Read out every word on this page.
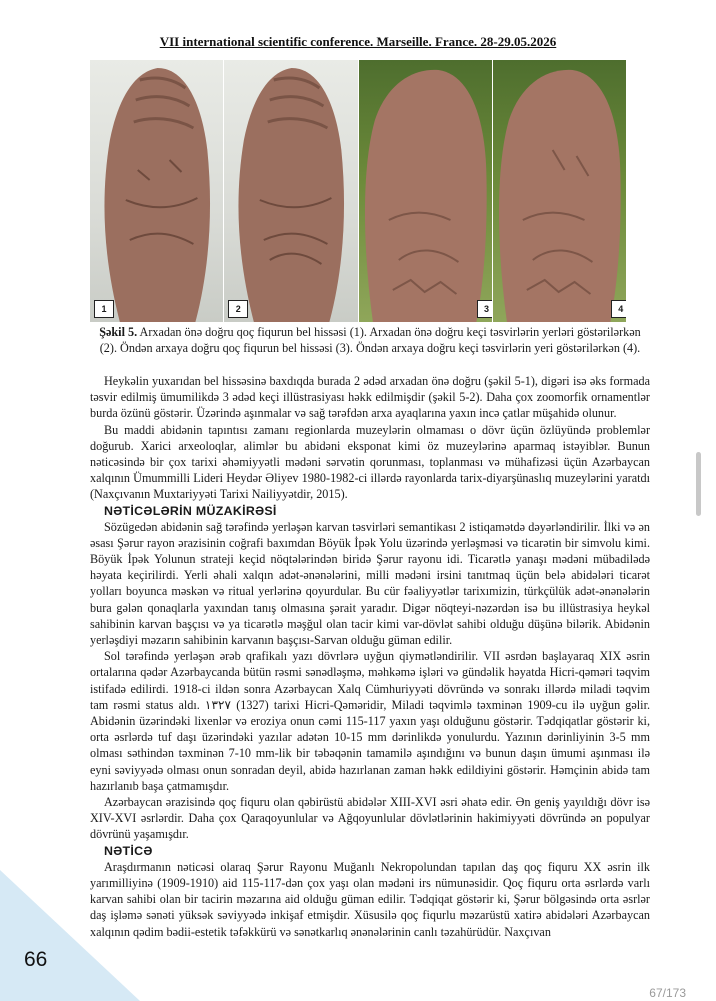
VII international scientific conference. Marseille. France. 28-29.05.2026
1	2	3	4
Şəkil 5. Arxadan önə doğru qoç fiqurun bel hissəsi (1). Arxadan önə doğru keçi təsvirlərin yerləri göstərilərkən (2). Öndən arxaya doğru qoç fiqurun bel hissəsi (3). Öndən arxaya doğru keçi təsvirlərin yeri göstərilərkən (4).

Heykəlin yuxarıdan bel hissəsinə baxdıqda burada 2 ədəd arxadan önə doğru (şəkil 5-1), digəri isə əks formada təsvir edilmiş ümumilikdə 3 ədəd keçi illüstrasiyası həkk edilmişdir (şəkil 5-2). Daha çox zoomorfik ornamentlər burda özünü göstərir. Üzərində aşınmalar və sağ tərəfdən arxa ayaqlarına yaxın incə çatlar müşahidə olunur.

Bu maddi abidənin tapıntısı zamanı regionlarda muzeylərin olmaması o dövr üçün özlüyündə problemlər doğurub. Xarici arxeoloqlar, alimlər bu abidəni eksponat kimi öz muzeylərinə aparmaq istəyiblər. Bunun nəticəsində bir çox tarixi əhəmiyyətli mədəni sərvətin qorunması, toplanması və mühafizəsi üçün Azərbaycan xalqının Ümummilli Lideri Heydər Əliyev 1980-1982-ci illərdə rayonlarda tarix-diyarşünaslıq muzeylərini yaratdı (Naxçıvanın Muxtariyyəti Tarixi Nailiyyətdir, 2015).

NƏTİCƏLƏRİN MÜZAKİRƏSİ

Sözügedən abidənin sağ tərəfində yerləşən karvan təsvirləri semantikası 2 istiqamətdə dəyərləndirilir. İlki və ən əsası Şərur rayon ərazisinin coğrafi baxımdan Böyük İpək Yolu üzərində yerləşməsi və ticarətin bir simvolu kimi. Böyük İpək Yolunun strateji keçid nöqtələrindən biridə Şərur rayonu idi. Ticarətlə yanaşı mədəni mübadilədə həyata keçirilirdi. Yerli əhali xalqın adət-ənənələrini, milli mədəni irsini tanıtmaq üçün belə abidələri ticarət yolları boyunca məskən və ritual yerlərinə qoyurdular. Bu cür fəaliyyətlər tarixımizin, türkçülük adət-ənənələrin bura gələn qonaqlarla yaxından tanış olmasına şərait yaradır. Digər nöqteyi-nəzərdən isə bu illüstrasiya heykəl sahibinin karvan başçısı və ya ticarətlə məşğul olan tacir kimi var-dövlət sahibi olduğu düşünə bilərik. Abidənin yerləşdiyi məzarın sahibinin karvanın başçısı-Sarvan olduğu güman edilir.

Sol tərəfində yerləşən ərəb qrafikalı yazı dövrlərə uyğun qiymətləndirilir. VII əsrdən başlayaraq XIX əsrin ortalarına qədər Azərbaycanda bütün rəsmi sənədləşmə, məhkəmə işləri və gündəlik həyatda Hicri-qəməri təqvim istifadə edilirdi. 1918-ci ildən sonra Azərbaycan Xalq Cümhuriyyəti dövründə və sonrakı illərdə miladi təqvim tam rəsmi status aldı. ١٣٢٧ (1327) tarixi Hicri-Qəməridir, Miladi təqvimlə təxminən 1909-cu ilə uyğun gəlir. Abidənin üzərindəki lixenlər və eroziya onun cəmi 115-117 yaxın yaşı olduğunu göstərir. Tədqiqatlar göstərir ki, orta əsrlərdə tuf daşı üzərindəki yazılar adətən 10-15 mm dərinlikdə yonulurdu. Yazının dərinliyinin 3-5 mm olması səthindən təxminən 7-10 mm-lik bir təbəqənin tamamilə aşındığını və bunun daşın ümumi aşınması ilə eyni səviyyədə olması onun sonradan deyil, abidə hazırlanan zaman həkk edildiyini göstərir. Həmçinin abidə tam hazırlanıb başa çatmamışdır.

Azərbaycan ərazisində qoç fiquru olan qəbirüstü abidələr XIII-XVI əsri əhatə edir. Ən geniş yayıldığı dövr isə XIV-XVI əsrlərdir. Daha çox Qaraqoyunlular və Ağqoyunlular dövlətlərinin hakimiyyəti dövründə ən populyar dövrünü yaşamışdır.

NƏTİCƏ

Araşdırmanın nəticəsi olaraq Şərur Rayonu Muğanlı Nekropolundan tapılan daş qoç fiquru XX əsrin ilk yarımilliyinə (1909-1910) aid 115-117-dən çox yaşı olan mədəni irs nümunəsidir. Qoç fiquru orta əsrlərdə varlı karvan sahibi olan bir tacirin məzarına aid olduğu güman edilir. Tədqiqat göstərir ki, Şərur bölgəsində orta əsrlər daş işləmə sənəti yüksək səviyyədə inkişaf etmişdir. Xüsusilə qoç fiqurlu məzarüstü xatirə abidələri Azərbaycan xalqının qədim bədii-estetik təfəkkürü və sənətkarlıq ənənələrinin canlı təzahürüdür. Naxçıvan

66
67/173
